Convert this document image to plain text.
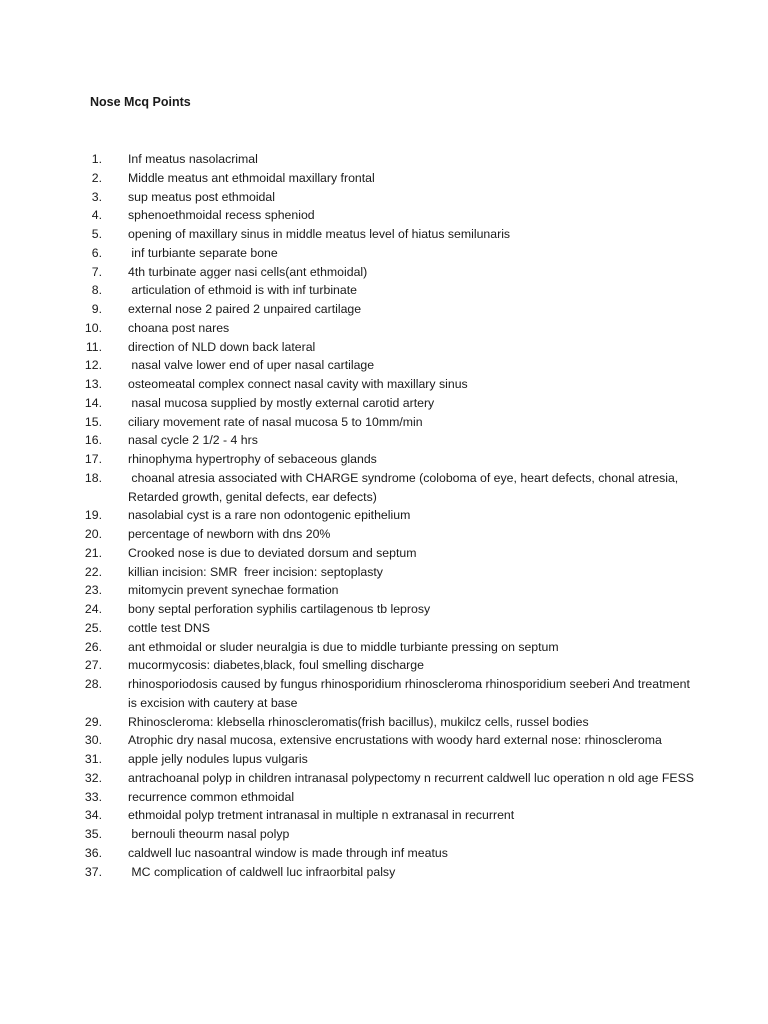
Nose Mcq Points
1.	Inf meatus nasolacrimal
2.	Middle meatus ant ethmoidal maxillary frontal
3.	sup meatus post ethmoidal
4.	sphenoethmoidal recess spheniod
5.	opening of maxillary sinus in middle meatus level of hiatus semilunaris
6.	inf turbiante separate bone
7.	4th turbinate agger nasi cells(ant ethmoidal)
8.	articulation of ethmoid is with inf turbinate
9.	external nose 2 paired 2 unpaired cartilage
10.	choana post nares
11.	direction of NLD down back lateral
12.	nasal valve lower end of uper nasal cartilage
13.	osteomeatal complex connect nasal cavity with maxillary sinus
14.	nasal mucosa supplied by mostly external carotid artery
15.	ciliary movement rate of nasal mucosa 5 to 10mm/min
16.	nasal cycle 2 1/2 - 4 hrs
17.	rhinophyma hypertrophy of sebaceous glands
18.	choanal atresia associated with CHARGE syndrome (coloboma of eye, heart defects, chonal atresia, Retarded growth, genital defects, ear defects)
19.	nasolabial cyst is a rare non odontogenic epithelium
20.	percentage of newborn with dns 20%
21.	Crooked nose is due to deviated dorsum and septum
22.	killian incision: SMR  freer incision: septoplasty
23.	mitomycin prevent synechae formation
24.	bony septal perforation syphilis cartilagenous tb leprosy
25.	cottle test DNS
26.	ant ethmoidal or sluder neuralgia is due to middle turbiante pressing on septum
27.	mucormycosis: diabetes,black, foul smelling discharge
28.	rhinosporiodosis caused by fungus rhinosporidium rhinoscleroma rhinosporidium seeberi And treatment is excision with cautery at base
29.	Rhinoscleroma: klebsella rhinoscleromatis(frish bacillus), mukilcz cells, russel bodies
30.	Atrophic dry nasal mucosa, extensive encrustations with woody hard external nose: rhinoscleroma
31.	apple jelly nodules lupus vulgaris
32.	antrachoanal polyp in children intranasal polypectomy n recurrent caldwell luc operation n old age FESS
33.	recurrence common ethmoidal
34.	ethmoidal polyp tretment intranasal in multiple n extranasal in recurrent
35.	bernouli theourm nasal polyp
36.	caldwell luc nasoantral window is made through inf meatus
37.	MC complication of caldwell luc infraorbital palsy
